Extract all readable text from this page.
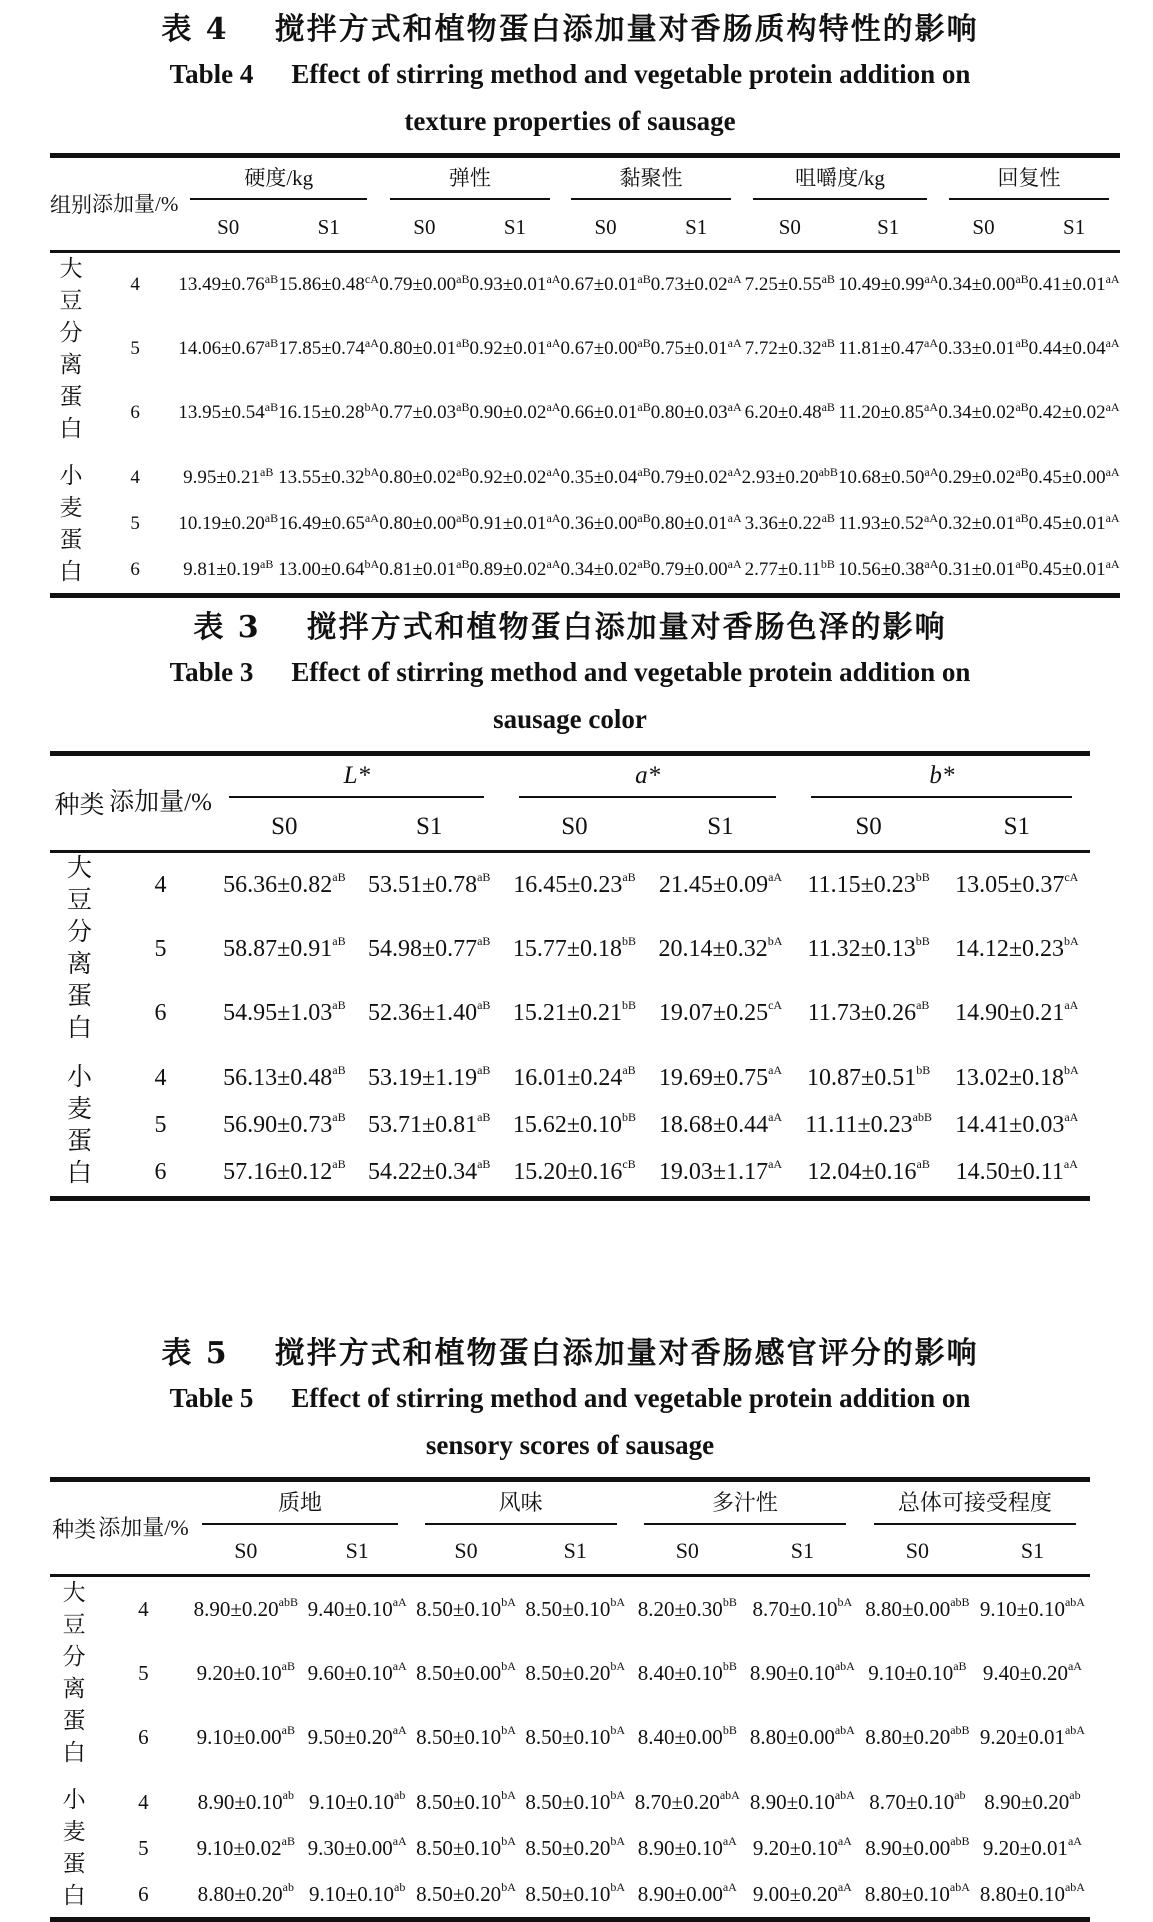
表 4 搅拌方式和植物蛋白添加量对香肠质构特性的影响
Table 4 Effect of stirring method and vegetable protein addition on
texture properties of sausage
组别	添加量/%	硬度/kg		弹性		黏聚性		咀嚼度/kg		回复性	
		S0	S1	S0	S1	S0	S1	S0	S1	S0	S1

大豆分离蛋白	4	$13.49\pm 0.76^{aB}$	$15.86\pm 0.48^{cA}$	$0.79\pm 0.00^{aB}$	$0.93\pm 0.01^{aA}$	$0.67\pm 0.01^{aB}$	$0.73\pm 0.02^{aA}$	$7.25\pm 0.55^{aB}$	$10.49\pm 0.99^{aA}$	$0.34\pm 0.00^{aB}$	$0.41\pm 0.01^{aA}$
	5	$14.06\pm 0.67^{aB}$	$17.85\pm 0.74^{aA}$	$0.80\pm 0.01^{aB}$	$0.92\pm 0.01^{aA}$	$0.67\pm 0.00^{aB}$	$0.75\pm 0.01^{aA}$	$7.72\pm 0.32^{aB}$	$11.81\pm 0.47^{aA}$	$0.33\pm 0.01^{aB}$	$0.44\pm 0.04^{aA}$
	6	$13.95\pm 0.54^{aB}$	$16.15\pm 0.28^{bA}$	$0.77\pm 0.03^{aB}$	$0.90\pm 0.02^{aA}$	$0.66\pm 0.01^{aB}$	$0.80\pm 0.03^{aA}$	$6.20\pm 0.48^{aB}$	$11.20\pm 0.85^{aA}$	$0.34\pm 0.02^{aB}$	$0.42\pm 0.02^{aA}$

小麦蛋白	4	$9.95\pm 0.21^{aB}$	$13.55\pm 0.32^{bA}$	$0.80\pm 0.02^{aB}$	$0.92\pm 0.02^{aA}$	$0.35\pm 0.04^{aB}$	$0.79\pm 0.02^{aA}$	$2.93\pm 0.20^{abB}$	$10.68\pm 0.50^{aA}$	$0.29\pm 0.02^{aB}$	$0.45\pm 0.00^{aA}$
	5	$10.19\pm 0.20^{aB}$	$16.49\pm 0.65^{aA}$	$0.80\pm 0.00^{aB}$	$0.91\pm 0.01^{aA}$	$0.36\pm 0.00^{aB}$	$0.80\pm 0.01^{aA}$	$3.36\pm 0.22^{aB}$	$11.93\pm 0.52^{aA}$	$0.32\pm 0.01^{aB}$	$0.45\pm 0.01^{aA}$
	6	$9.81\pm 0.19^{aB}$	$13.00\pm 0.64^{bA}$	$0.81\pm 0.01^{aB}$	$0.89\pm 0.02^{aA}$	$0.34\pm 0.02^{aB}$	$0.79\pm 0.00^{aA}$	$2.77\pm 0.11^{bB}$	$10.56\pm 0.38^{aA}$	$0.31\pm 0.01^{aB}$	$0.45\pm 0.01^{aA}$
表 3 搅拌方式和植物蛋白添加量对香肠色泽的影响
Table 3 Effect of stirring method and vegetable protein addition on
sausage color
种类	添加量/%	L*		a*		b*	
		S0	S1	S0	S1	S0	S1

大豆分离蛋白	4	$56.36\pm 0.82^{aB}$	$53.51\pm 0.78^{aB}$	$16.45\pm 0.23^{aB}$	$21.45\pm 0.09^{aA}$	$11.15\pm 0.23^{bB}$	$13.05\pm 0.37^{cA}$
	5	$58.87\pm 0.91^{aB}$	$54.98\pm 0.77^{aB}$	$15.77\pm 0.18^{bB}$	$20.14\pm 0.32^{bA}$	$11.32\pm 0.13^{bB}$	$14.12\pm 0.23^{bA}$
	6	$54.95\pm 1.03^{aB}$	$52.36\pm 1.40^{aB}$	$15.21\pm 0.21^{bB}$	$19.07\pm 0.25^{cA}$	$11.73\pm 0.26^{aB}$	$14.90\pm 0.21^{aA}$

小麦蛋白	4	$56.13\pm 0.48^{aB}$	$53.19\pm 1.19^{aB}$	$16.01\pm 0.24^{aB}$	$19.69\pm 0.75^{aA}$	$10.87\pm 0.51^{bB}$	$13.02\pm 0.18^{bA}$
	5	$56.90\pm 0.73^{aB}$	$53.71\pm 0.81^{aB}$	$15.62\pm 0.10^{bB}$	$18.68\pm 0.44^{aA}$	$11.11\pm 0.23^{abB}$	$14.41\pm 0.03^{aA}$
	6	$57.16\pm 0.12^{aB}$	$54.22\pm 0.34^{aB}$	$15.20\pm 0.16^{cB}$	$19.03\pm 1.17^{aA}$	$12.04\pm 0.16^{aB}$	$14.50\pm 0.11^{aA}$
表 5 搅拌方式和植物蛋白添加量对香肠感官评分的影响
Table 5 Effect of stirring method and vegetable protein addition on
sensory scores of sausage
种类	添加量/%	质地		风味		多汁性		总体可接受程度	
		S0	S1	S0	S1	S0	S1	S0	S1

大豆分离蛋白	4	$8.90\pm 0.20^{abB}$	$9.40\pm 0.10^{aA}$	$8.50\pm 0.10^{bA}$	$8.50\pm 0.10^{bA}$	$8.20\pm 0.30^{bB}$	$8.70\pm 0.10^{bA}$	$8.80\pm 0.00^{abB}$	$9.10\pm 0.10^{abA}$
	5	$9.20\pm 0.10^{aB}$	$9.60\pm 0.10^{aA}$	$8.50\pm 0.00^{bA}$	$8.50\pm 0.20^{bA}$	$8.40\pm 0.10^{bB}$	$8.90\pm 0.10^{abA}$	$9.10\pm 0.10^{aB}$	$9.40\pm 0.20^{aA}$
	6	$9.10\pm 0.00^{aB}$	$9.50\pm 0.20^{aA}$	$8.50\pm 0.10^{bA}$	$8.50\pm 0.10^{bA}$	$8.40\pm 0.00^{bB}$	$8.80\pm 0.00^{abA}$	$8.80\pm 0.20^{abB}$	$9.20\pm 0.01^{abA}$

小麦蛋白	4	8.90±0.10$^{ab}$	9.10±0.10$^{ab}$	$8.50\pm 0.10^{bA}$	$8.50\pm 0.10^{bA}$	$8.70\pm 0.20^{abA}$	$8.90\pm 0.10^{abA}$	8.70±0.10$^{ab}$	8.90±0.20$^{ab}$
	5	$9.10\pm 0.02^{aB}$	$9.30\pm 0.00^{aA}$	$8.50\pm 0.10^{bA}$	$8.50\pm 0.20^{bA}$	$8.90\pm 0.10^{aA}$	$9.20\pm 0.10^{aA}$	$8.90\pm 0.00^{abB}$	$9.20\pm 0.01^{aA}$
	6	8.80±0.20$^{ab}$	9.10±0.10$^{ab}$	$8.50\pm 0.20^{bA}$	$8.50\pm 0.10^{bA}$	$8.90\pm 0.00^{aA}$	$9.00\pm 0.20^{aA}$	$8.80\pm 0.10^{abA}$	$8.80\pm 0.10^{abA}$
